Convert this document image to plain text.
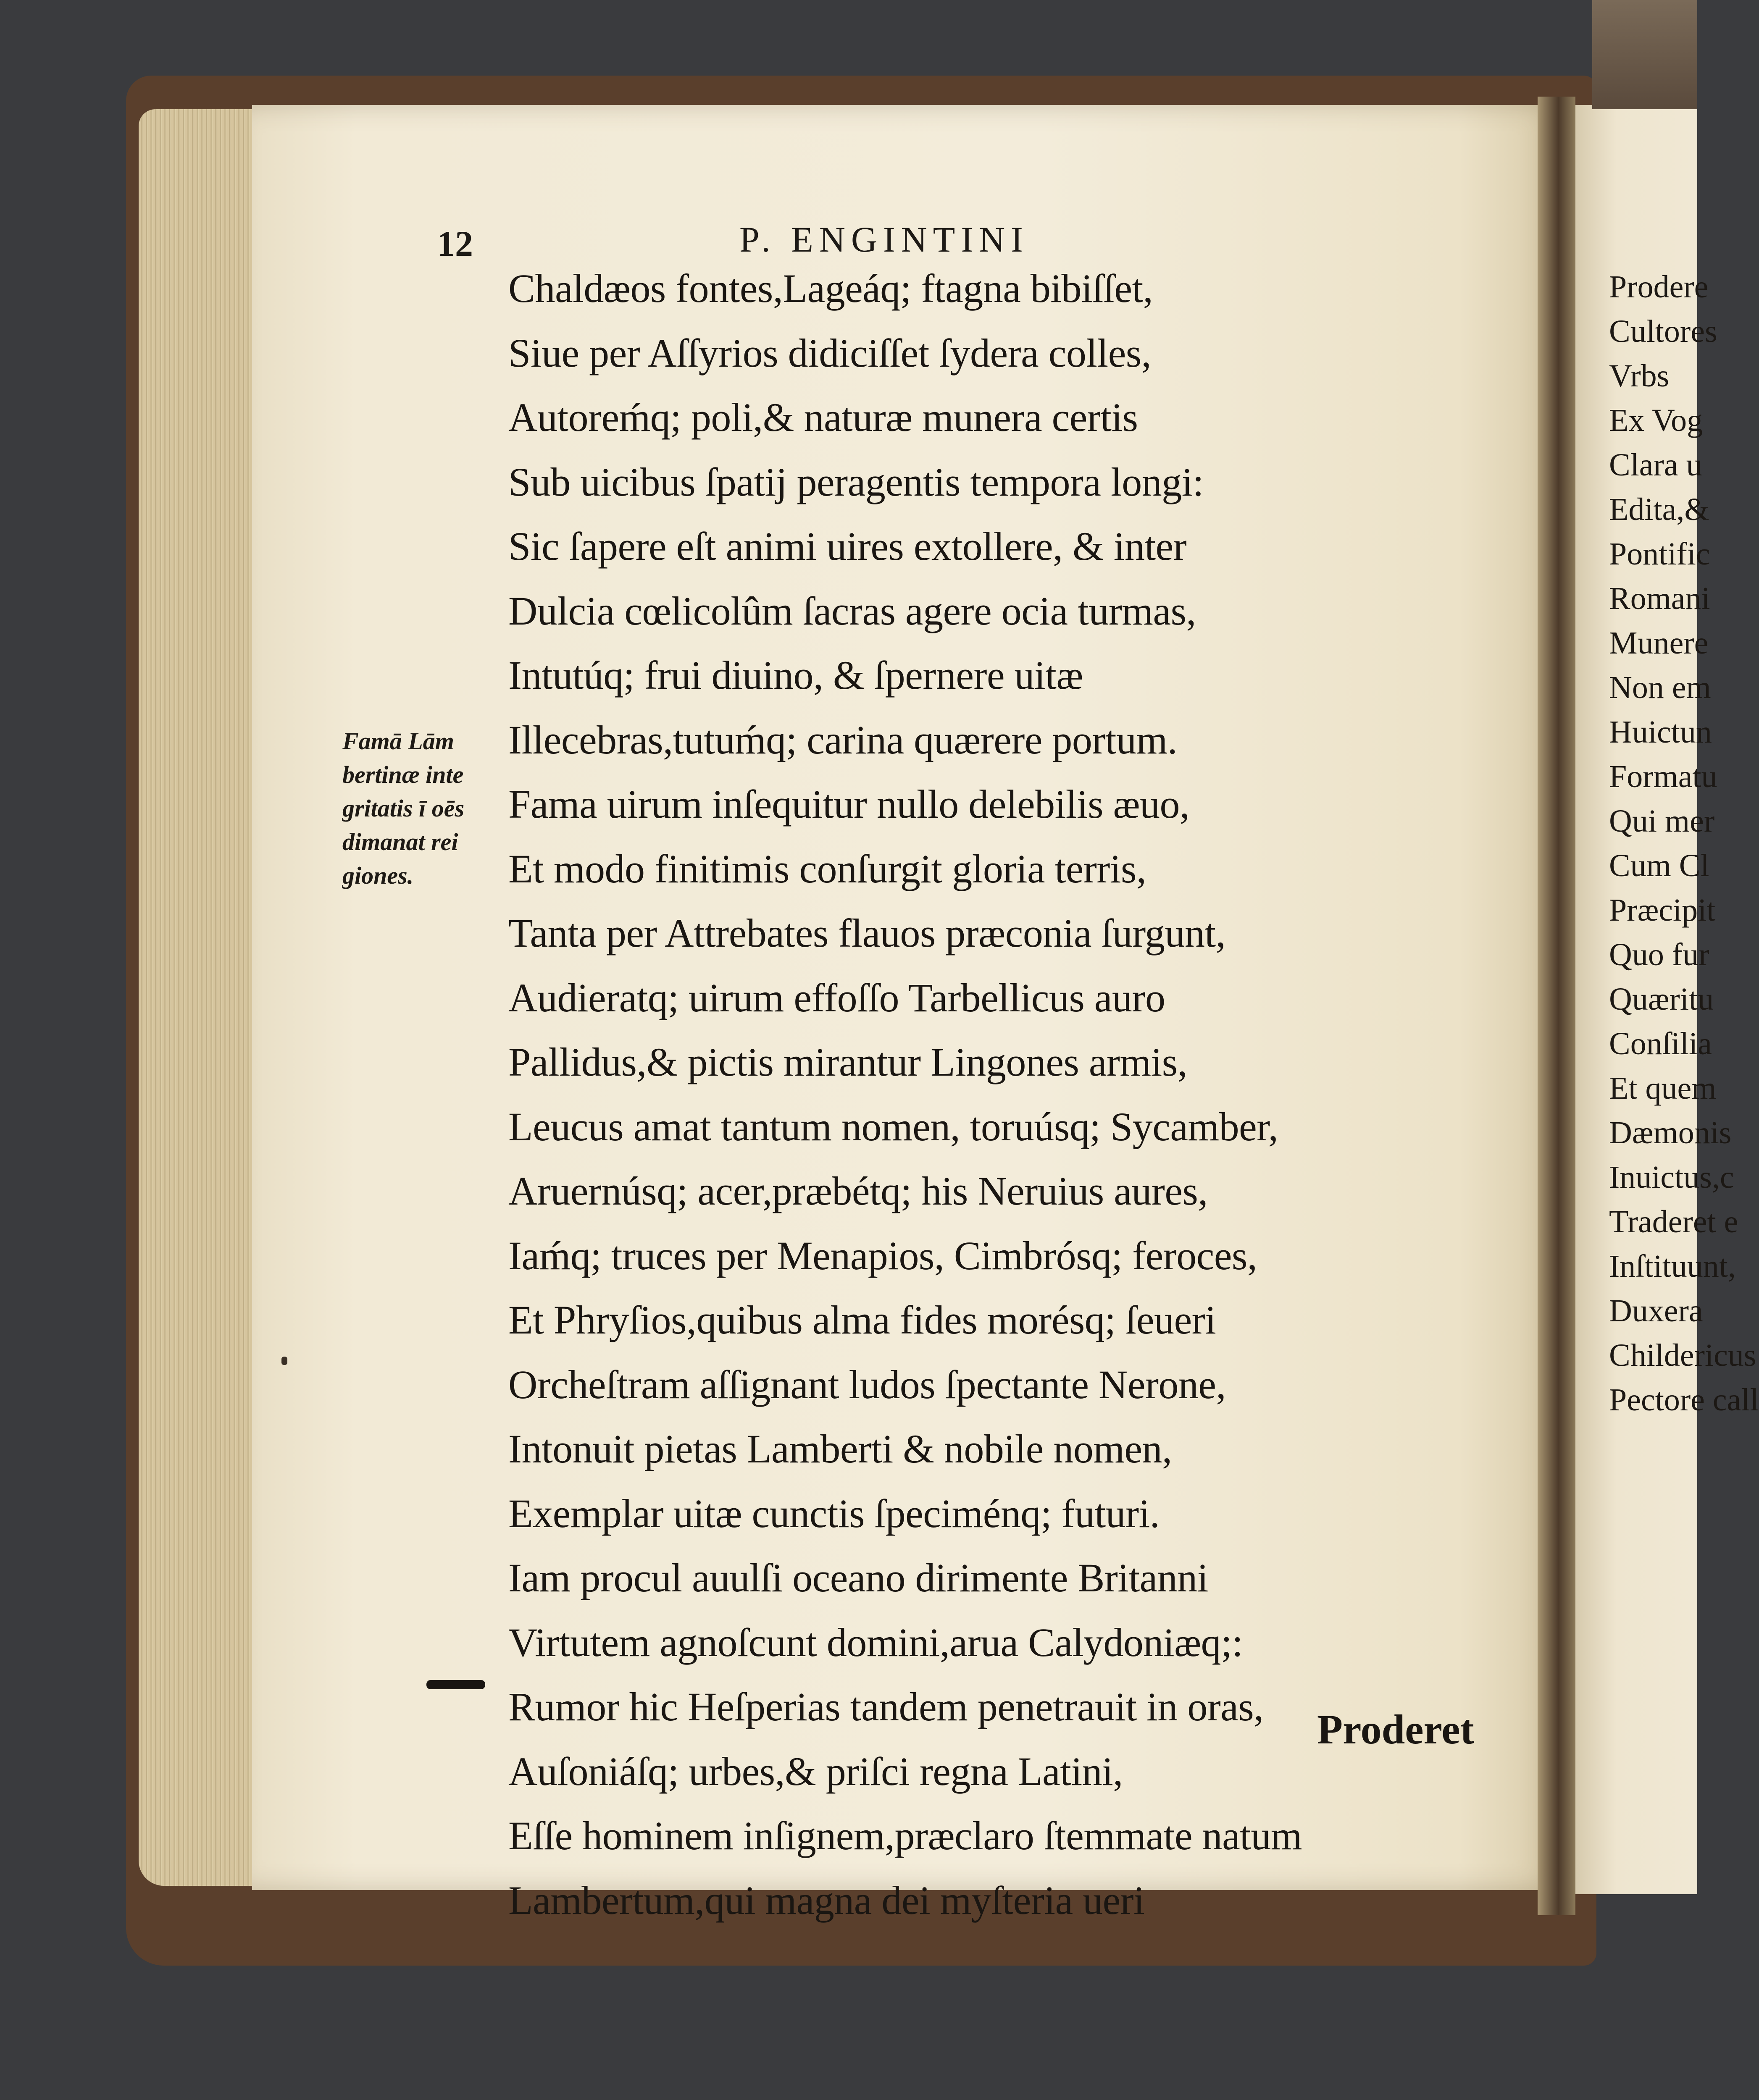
Prodere
Cultores
Vrbs
Ex Vog
Clara u
Edita,&
Pontific
Romani
Munere
Non em
Huictun
Formatu
Qui mer
Cum Cl
Præcipit
Quo fur
Quæritu
Conſilia
Et quem
Dæmonis
Inuictus,c
Traderet e
Inſtituunt,
Duxera
Childericus
Pectore call
12	P. ENGINTINI
Chaldæos fontes,Lageáq; ftagna bibiſſet,
Siue per Aſſyrios didiciſſet ſydera colles,
Autoreḿq; poli,& naturæ munera certis
Sub uicibus ſpatij peragentis tempora longi:
Sic ſapere eſt animi uires extollere, & inter
Dulcia cœlicolûm ſacras agere ocia turmas,
Intutúq; frui diuino, & ſpernere uitæ
Illecebras,tutuḿq; carina quærere portum.
Fama uirum inſequitur nullo delebilis æuo,
Et modo finitimis conſurgit gloria terris,
Tanta per Attrebates flauos præconia ſurgunt,
Audieratq; uirum effoſſo Tarbellicus auro
Pallidus,& pictis mirantur Lingones armis,
Leucus amat tantum nomen, toruúsq; Sycamber,
Aruernúsq; acer,præbétq; his Neruius aures,
Iaḿq; truces per Menapios, Cimbrósq; feroces,
Et Phryſios,quibus alma fides morésq; ſeueri
Orcheſtram aſſignant ludos ſpectante Nerone,
Intonuit pietas Lamberti & nobile nomen,
Exemplar uitæ cunctis ſpeciménq; futuri.
Iam procul auulſi oceano dirimente Britanni
Virtutem agnoſcunt domini,arua Calydoniæq;:
Rumor hic Heſperias tandem penetrauit in oras,
Auſoniáſq; urbes,& priſci regna Latini,
Eſſe hominem inſignem,præclaro ſtemmate natum
Lambertum,qui magna dei myſteria ueri
Famā Lām
bertinæ inte
gritatis ī oēs
dimanat rei
giones.
Proderet
